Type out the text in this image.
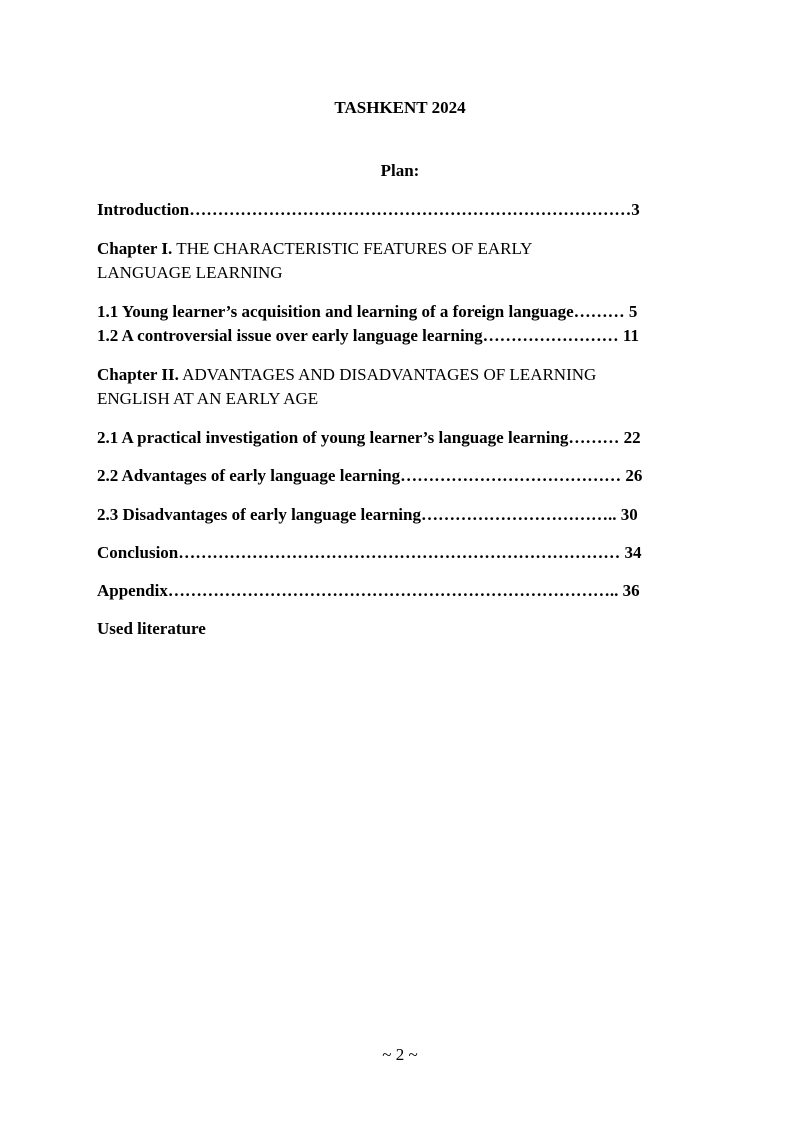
TASHKENT 2024
Plan:
Introduction……………………………………………………………………3
Chapter I. THE CHARACTERISTIC FEATURES OF EARLY
LANGUAGE LEARNING
1.1 Young learner’s acquisition and learning of a foreign language……… 5
1.2 A controversial issue over early language learning…………………… 11
Chapter II. ADVANTAGES AND DISADVANTAGES OF LEARNING
ENGLISH AT AN EARLY AGE
2.1 A practical investigation of young learner’s language learning……… 22
2.2 Advantages of early language learning………………………………… 26
2.3 Disadvantages of early language learning…………………………….. 30
Conclusion…………………………………………………………………… 34
Appendix…………………………………………………………………….. 36
Used literature
~ 2 ~
